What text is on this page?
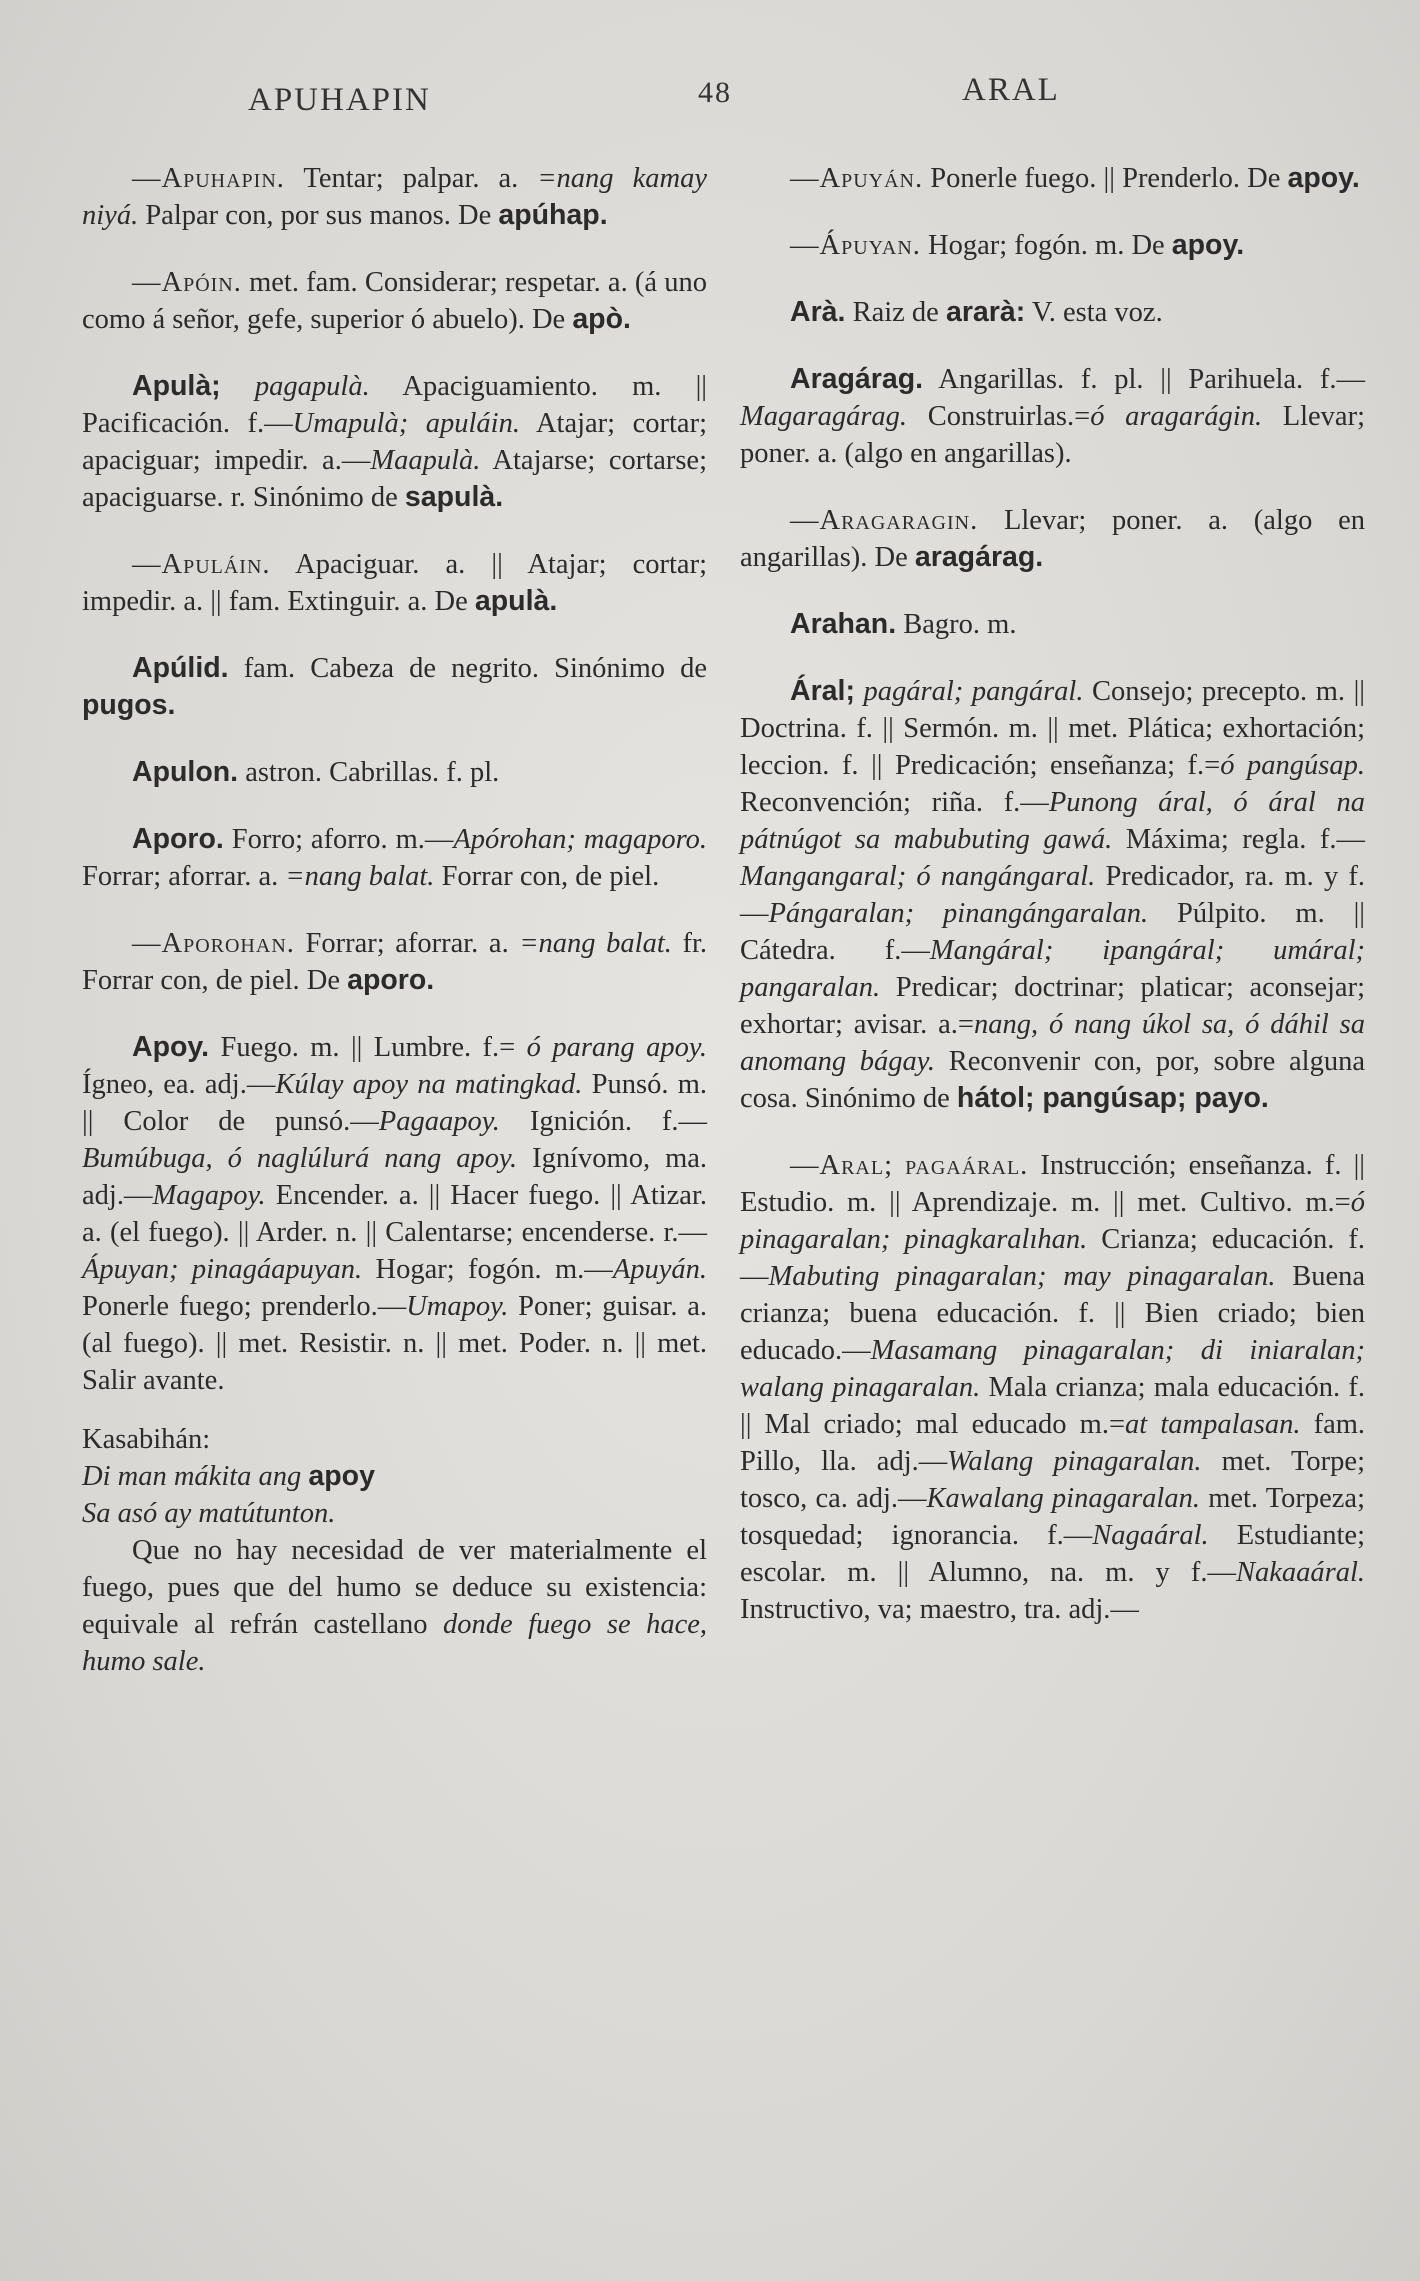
APUHAPIN	48	ARAL

—Apuhapin. Tentar; palpar. a. =nang kamay niyá. Palpar con, por sus manos. De apúhap.

—Apóin. met. fam. Considerar; respetar. a. (á uno como á señor, gefe, superior ó abuelo). De apò.

Apulà; pagapulà. Apaciguamiento. m. || Pacificación. f.—Umapulà; apuláin. Atajar; cortar; apaciguar; impedir. a.—Maapulà. Atajarse; cortarse; apaciguarse. r. Sinónimo de sapulà.

—Apuláin. Apaciguar. a. || Atajar; cortar; impedir. a. || fam. Extinguir. a. De apulà.

Apúlid. fam. Cabeza de negrito. Sinónimo de pugos.

Apulon. astron. Cabrillas. f. pl.

Aporo. Forro; aforro. m.—Apórohan; magaporo. Forrar; aforrar. a. =nang balat. Forrar con, de piel.

—Aporohan. Forrar; aforrar. a. =nang balat. fr. Forrar con, de piel. De aporo.

Apoy. Fuego. m. || Lumbre. f.= ó parang apoy. Ígneo, ea. adj.—Kúlay apoy na matingkad. Punsó. m. || Color de punsó.—Pagaapoy. Ignición. f.—Bumúbuga, ó naglúlurá nang apoy. Ignívomo, ma. adj.—Magapoy. Encender. a. || Hacer fuego. || Atizar. a. (el fuego). || Arder. n. || Calentarse; encenderse. r.—Ápuyan; pinagáapuyan. Hogar; fogón. m.—Apuyán. Ponerle fuego; prenderlo.—Umapoy. Poner; guisar. a. (al fuego). || met. Resistir. n. || met. Poder. n. || met. Salir avante.

Kasabihán:

Di man mákita ang apoy

Sa asó ay matútunton.

Que no hay necesidad de ver materialmente el fuego, pues que del humo se deduce su existencia: equivale al refrán castellano donde fuego se hace, humo sale.

—Apuyán. Ponerle fuego. || Prenderlo. De apoy.

—Ápuyan. Hogar; fogón. m. De apoy.

Arà. Raiz de ararà: V. esta voz.

Aragárag. Angarillas. f. pl. || Parihuela. f.—Magaragárag. Construirlas.=ó aragarágin. Llevar; poner. a. (algo en angarillas).

—Aragaragin. Llevar; poner. a. (algo en angarillas). De aragárag.

Arahan. Bagro. m.

Áral; pagáral; pangáral. Consejo; precepto. m. || Doctrina. f. || Sermón. m. || met. Plática; exhortación; leccion. f. || Predicación; enseñanza; f.=ó pangúsap. Reconvención; riña. f.—Punong áral, ó áral na pátnúgot sa mabubuting gawá. Máxima; regla. f.—Mangangaral; ó nangángaral. Predicador, ra. m. y f.—Pángaralan; pinangángaralan. Púlpito. m. || Cátedra. f.—Mangáral; ipangáral; umáral; pangaralan. Predicar; doctrinar; platicar; aconsejar; exhortar; avisar. a.=nang, ó nang úkol sa, ó dáhil sa anomang bágay. Reconvenir con, por, sobre alguna cosa. Sinónimo de hátol; pangúsap; payo.

—Aral; pagaáral. Instrucción; enseñanza. f. || Estudio. m. || Aprendizaje. m. || met. Cultivo. m.=ó pinagaralan; pinagkaralıhan. Crianza; educación. f.—Mabuting pinagaralan; may pinagaralan. Buena crianza; buena educación. f. || Bien criado; bien educado.—Masamang pinagaralan; di iniaralan; walang pinagaralan. Mala crianza; mala educación. f. || Mal criado; mal educado m.=at tampalasan. fam. Pillo, lla. adj.—Walang pinagaralan. met. Torpe; tosco, ca. adj.—Kawalang pinagaralan. met. Torpeza; tosquedad; ignorancia. f.—Nagaáral. Estudiante; escolar. m. || Alumno, na. m. y f.—Nakaaáral. Instructivo, va; maestro, tra. adj.—
